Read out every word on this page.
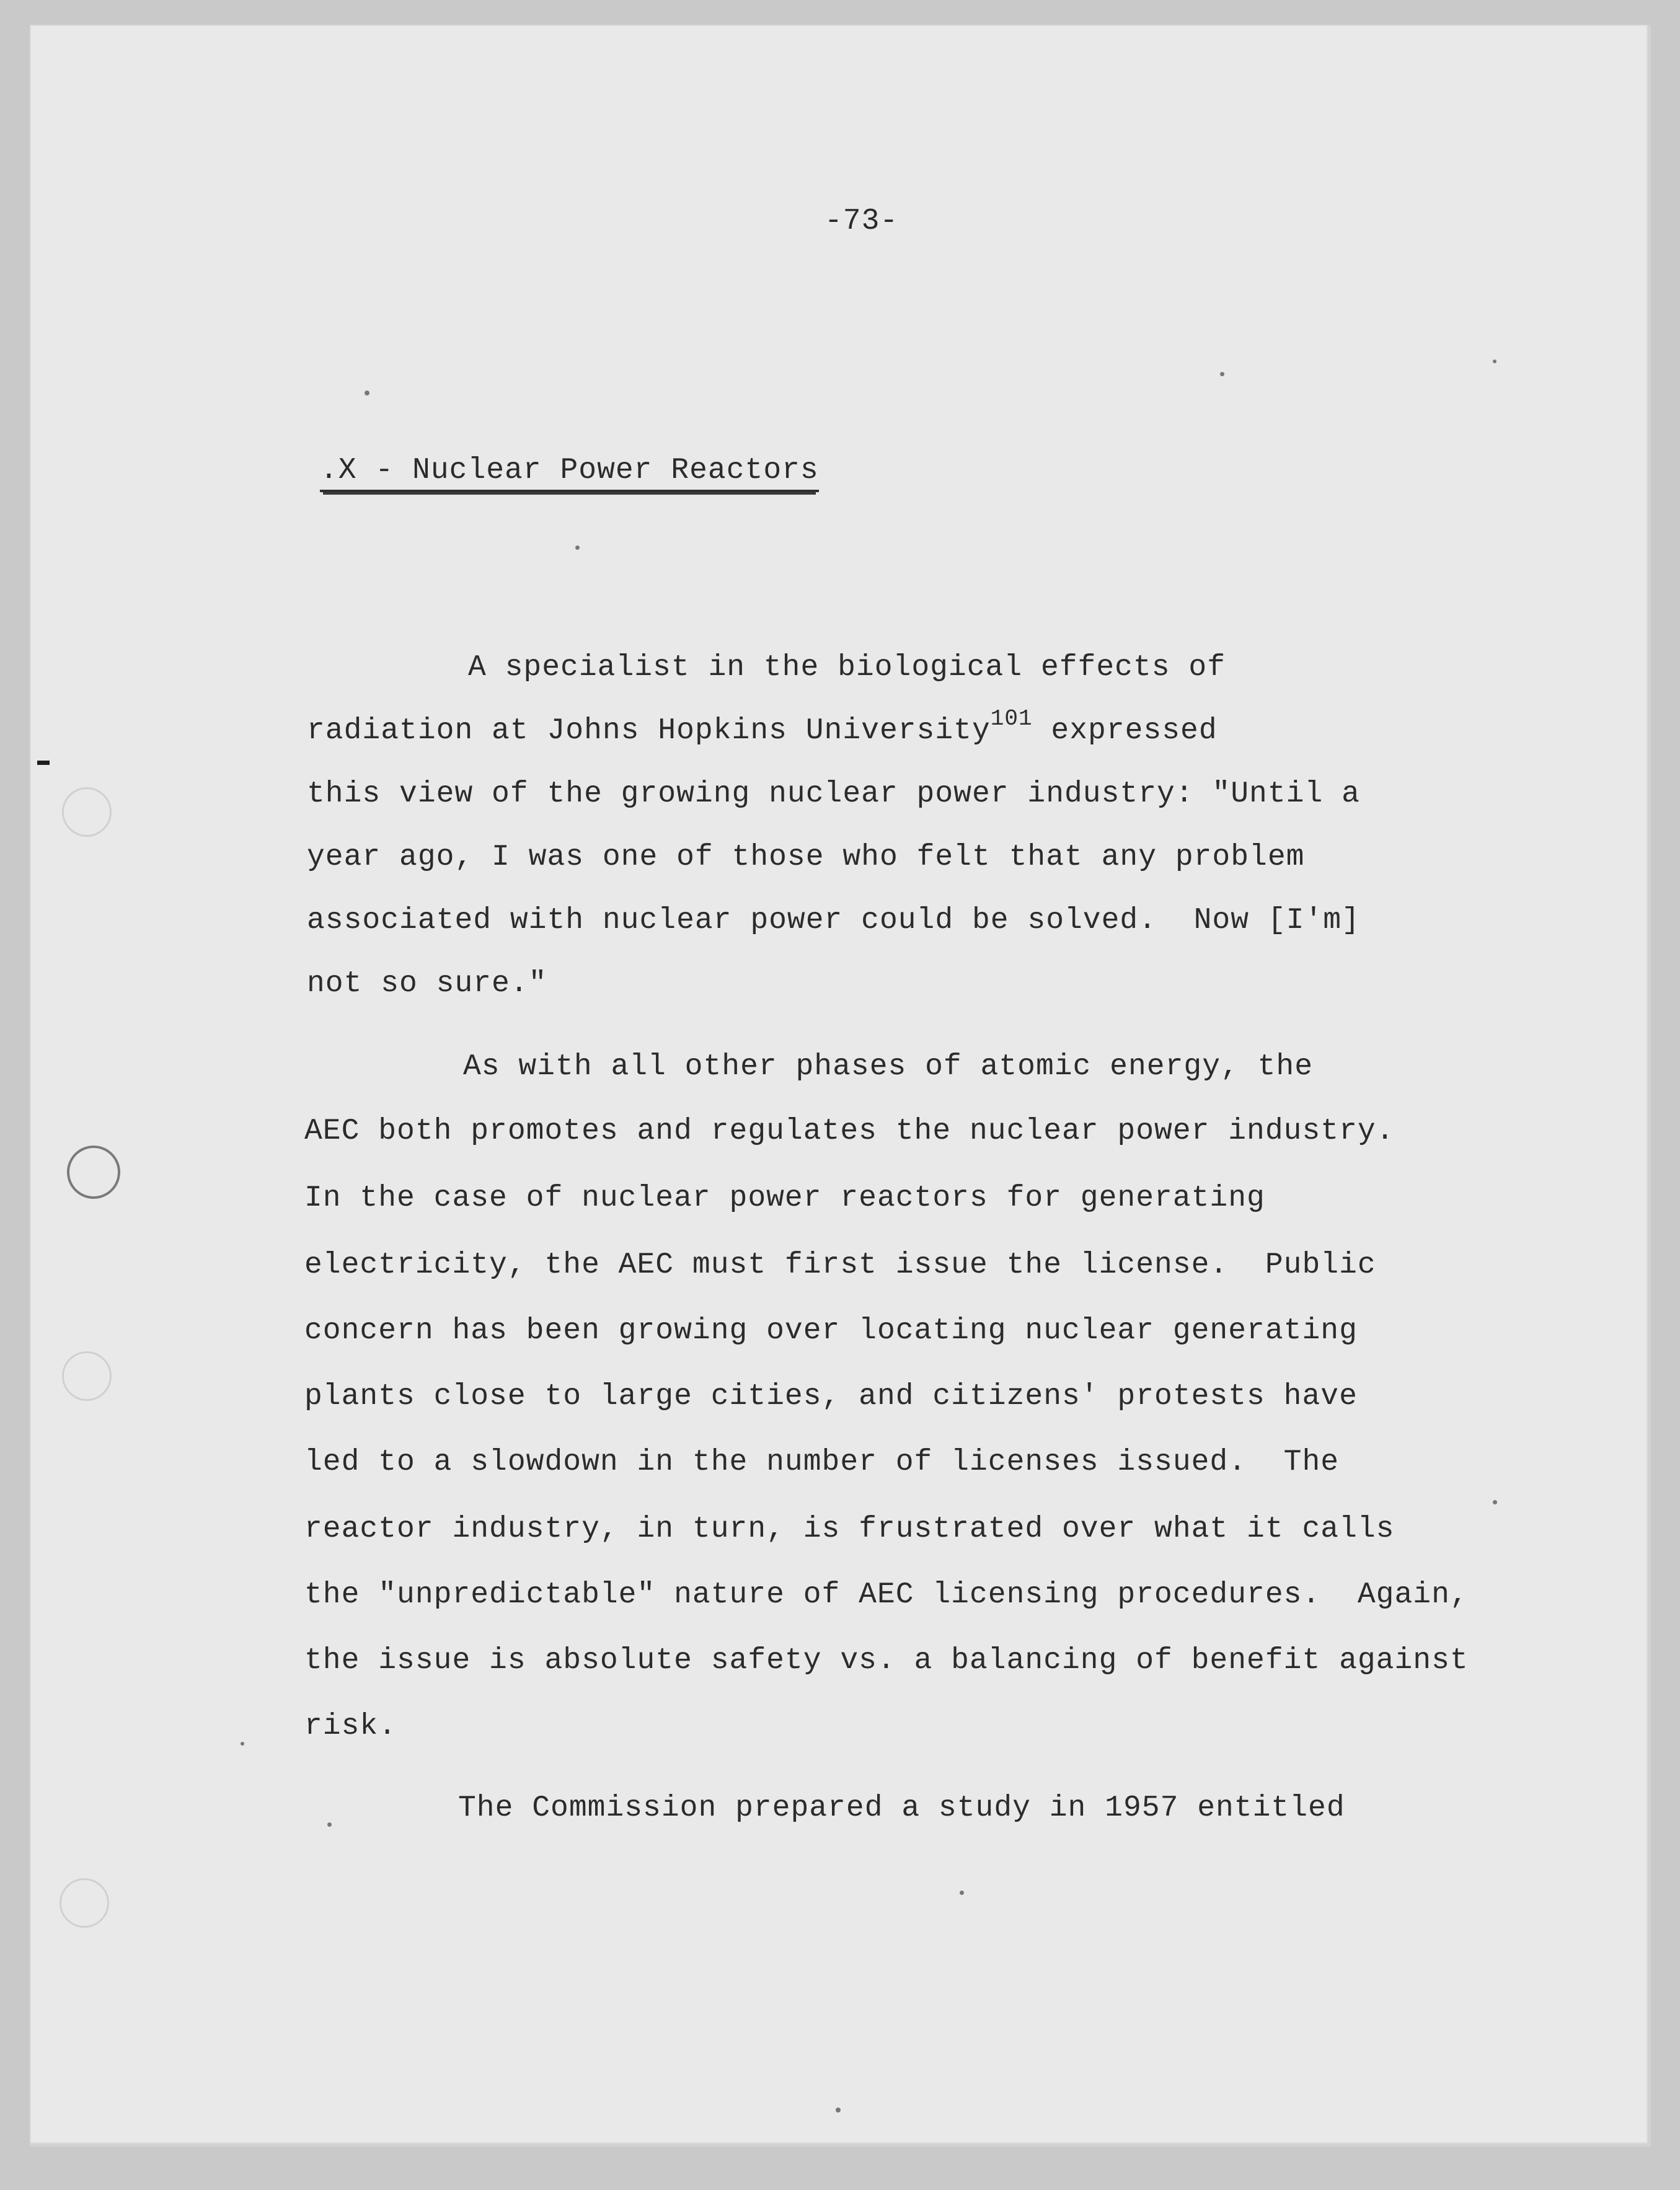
-73-
.X - Nuclear Power Reactors
A specialist in the biological effects of
radiation at Johns Hopkins University$^{101}$ expressed
this view of the growing nuclear power industry: "Until a
year ago, I was one of those who felt that any problem
associated with nuclear power could be solved.  Now [I'm]
not so sure."
As with all other phases of atomic energy, the
AEC both promotes and regulates the nuclear power industry.
In the case of nuclear power reactors for generating
electricity, the AEC must first issue the license.  Public
concern has been growing over locating nuclear generating
plants close to large cities, and citizens' protests have
led to a slowdown in the number of licenses issued.  The
reactor industry, in turn, is frustrated over what it calls
the "unpredictable" nature of AEC licensing procedures.  Again,
the issue is absolute safety vs. a balancing of benefit against
risk.
The Commission prepared a study in 1957 entitled
